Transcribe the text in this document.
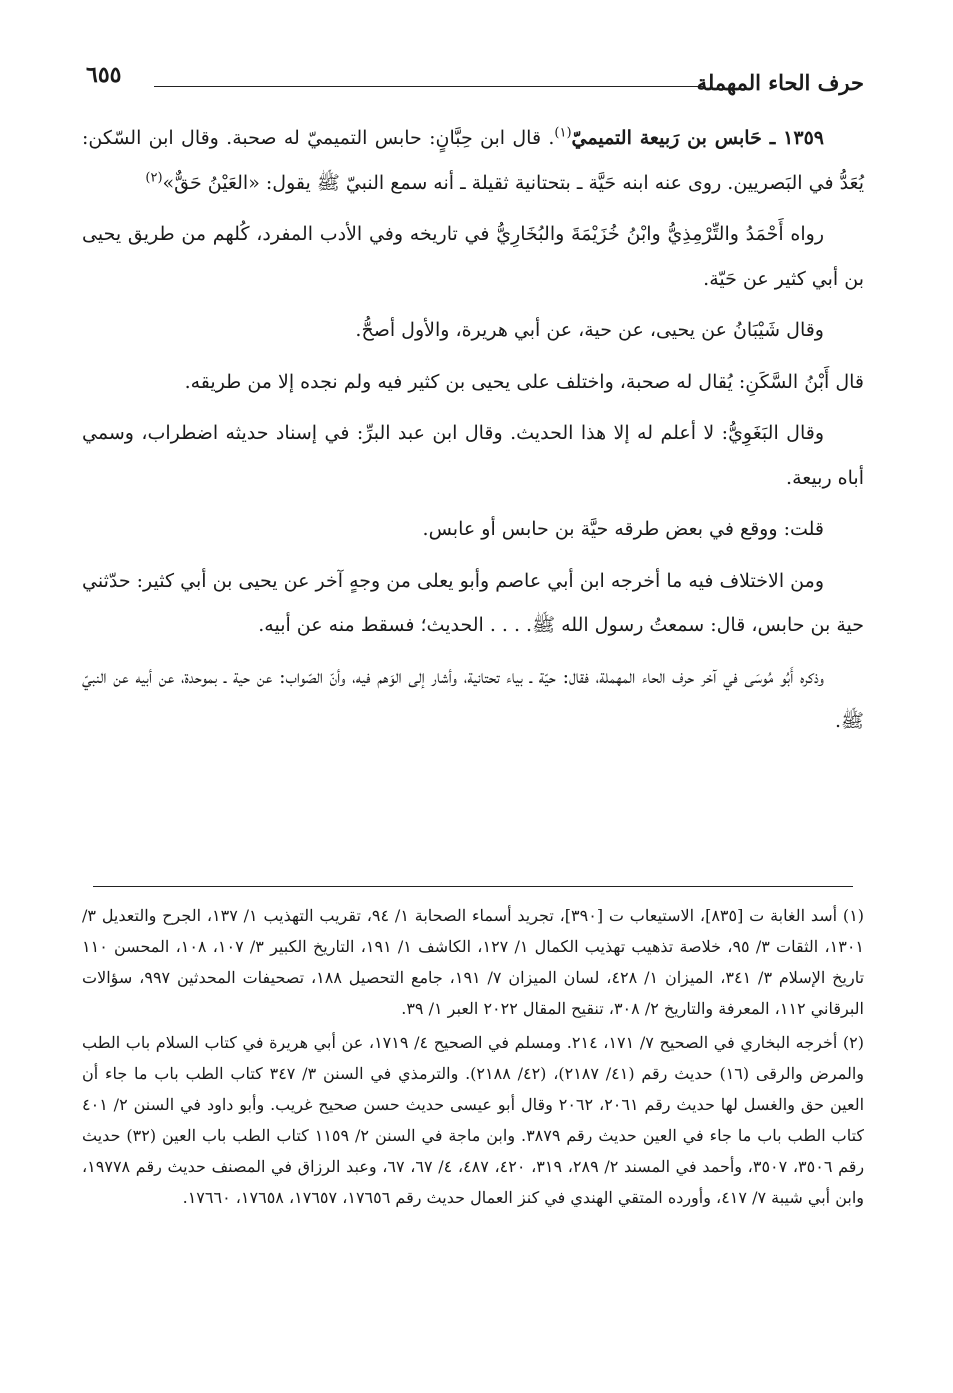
حرف الحاء المهملة
٦٥٥

١٣٥٩ ـ حَابس بن رَبيعة التميميّ$^{(١)}$. قال ابن حِبَّانٍ: حابس التميميّ له صحبة. وقال ابن السّكن: يُعَدُّ في البَصريين. روى عنه ابنه حَيَّة ـ بتحتانية ثقيلة ـ أنه سمع النبيّ ﷺ يقول: «العَيْنُ حَقٌّ»$^{(٢)}$

رواه أَحْمَدُ والتِّرْمِذِيُّ وابْنُ خُزَيْمَةَ والبُخَارِيُّ في تاريخه وفي الأدب المفرد، كُلهم من طريق يحيى بن أبي كثير عن حَيّة.

وقال شَيْبَانُ عن يحيى، عن حية، عن أبي هريرة، والأول أصحُّ.

قال أَبْنُ السَّكَنِ: يُقال له صحبة، واختلف على يحيى بن كثير فيه ولم نجده إلا من طريقه.

وقال البَغَوِيُّ: لا أعلم له إلا هذا الحديث. وقال ابن عبد البرِّ: في إسناد حديثه اضطراب، وسمي أباه ربيعة.

قلت: ووقع في بعض طرقه حيَّة بن حابس أو عابس.

ومن الاختلاف فيه ما أخرجه ابن أبي عاصم وأبو يعلى من وجهٍ آخر عن يحيى بن أبي كثير: حدّثني حية بن حابس، قال: سمعتُ رسول الله ﷺ. . . . الحديث؛ فسقط منه عن أبيه.

وذكره أَبُو مُوسَى في آخر حرف الحاء المهملة، فقال: حيّة ـ بياء تحتانية، وأشار إلى الوَهم فيه، وأنّ الصّواب: عن حية ـ بموحدة، عن أبيه عن النبيّ ﷺ.

(١) أسد الغابة ت [٨٣٥]، الاستيعاب ت [٣٩٠]، تجريد أسماء الصحابة ١/ ٩٤، تقريب التهذيب ١/ ١٣٧، الجرح والتعديل ٣/ ١٣٠١، الثقات ٣/ ٩٥، خلاصة تذهيب تهذيب الكمال ١/ ١٢٧، الكاشف ١/ ١٩١، التاريخ الكبير ٣/ ١٠٧، ١٠٨، المحسن ١١٠ تاريخ الإسلام ٣/ ٣٤١، الميزان ١/ ٤٢٨، لسان الميزان ٧/ ١٩١، جامع التحصيل ١٨٨، تصحيفات المحدثين ٩٩٧، سؤالات البرقاني ١١٢، المعرفة والتاريخ ٢/ ٣٠٨، تنقيح المقال ٢٠٢٢ العبر ١/ ٣٩.

(٢) أخرجه البخاري في الصحيح ٧/ ١٧١، ٢١٤. ومسلم في الصحيح ٤/ ١٧١٩، عن أبي هريرة في كتاب السلام باب الطب والمرض والرقى (١٦) حديث رقم (٤١/ ٢١٨٧)، (٤٢/ ٢١٨٨). والترمذي في السنن ٣/ ٣٤٧ كتاب الطب باب ما جاء أن العين حق والغسل لها حديث رقم ٢٠٦١، ٢٠٦٢ وقال أبو عيسى حديث حسن صحيح غريب. وأبو داود في السنن ٢/ ٤٠١ كتاب الطب باب ما جاء في العين حديث رقم ٣٨٧٩. وابن ماجة في السنن ٢/ ١١٥٩ كتاب الطب باب العين (٣٢) حديث رقم ٣٥٠٦، ٣٥٠٧، وأحمد في المسند ٢/ ٢٨٩، ٣١٩، ٤٢٠، ٤٨٧، ٤/ ٦٧، ٦٧، وعبد الرزاق في المصنف حديث رقم ١٩٧٧٨، وابن أبي شيبة ٧/ ٤١٧، وأورده المتقي الهندي في كنز العمال حديث رقم ١٧٦٥٦، ١٧٦٥٧، ١٧٦٥٨، ١٧٦٦٠.
